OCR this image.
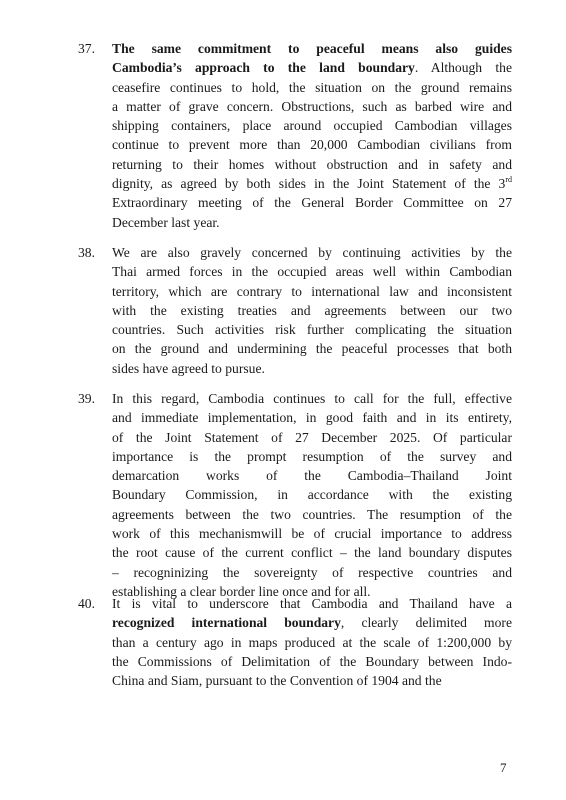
37. The same commitment to peaceful means also guides
Cambodia’s approach to the land boundary. Although the
ceasefire continues to hold, the situation on the ground remains
a matter of grave concern. Obstructions, such as barbed wire and
shipping containers, place around occupied Cambodian villages
continue to prevent more than 20,000 Cambodian civilians from
returning to their homes without obstruction and in safety and
dignity, as agreed by both sides in the Joint Statement of the 3rd
Extraordinary meeting of the General Border Committee on 27
December last year.
38. We are also gravely concerned by continuing activities by the
Thai armed forces in the occupied areas well within Cambodian
territory, which are contrary to international law and inconsistent
with the existing treaties and agreements between our two
countries. Such activities risk further complicating the situation
on the ground and undermining the peaceful processes that both
sides have agreed to pursue.
39. In this regard, Cambodia continues to call for the full, effective
and immediate implementation, in good faith and in its entirety,
of the Joint Statement of 27 December 2025. Of particular
importance is the prompt resumption of the survey and
demarcation works of the Cambodia–Thailand Joint
Boundary Commission, in accordance with the existing
agreements between the two countries. The resumption of the
work of this mechanismwill be of crucial importance to address
the root cause of the current conflict – the land boundary disputes
– recogninizing the sovereignty of respective countries and
establishing a clear border line once and for all.
40. It is vital to underscore that Cambodia and Thailand have a
recognized international boundary, clearly delimited more
than a century ago in maps produced at the scale of 1:200,000 by
the Commissions of Delimitation of the Boundary between Indo-
China and Siam, pursuant to the Convention of 1904 and the
7
